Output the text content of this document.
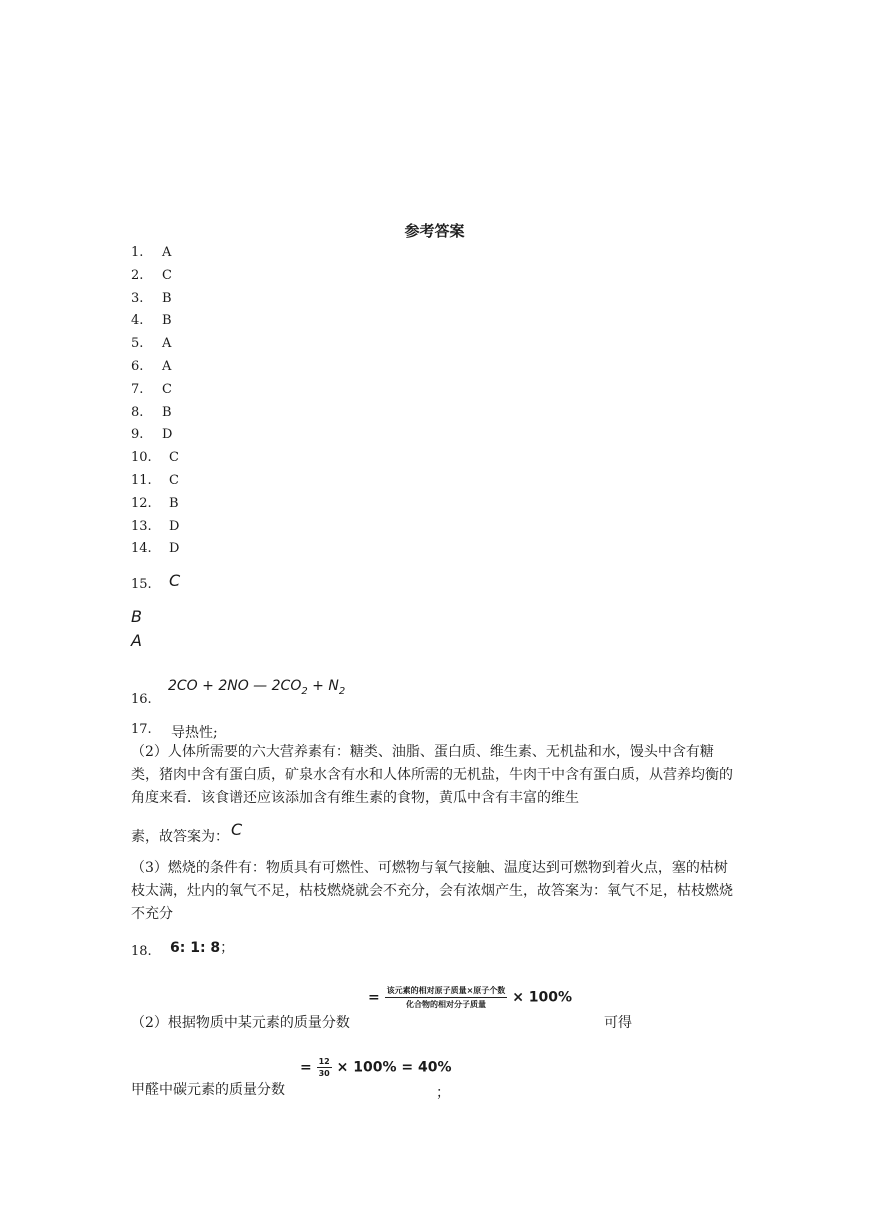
参考答案
1. A
2. C
3. B
4. B
5. A
6. A
7. C
8. B
9. D
10. C
11. C
12. B
13. D
14. D
15. C
B
A
16.
2CO + 2NO — $2CO_2 + N_2$
17. 导热性;
（2）人体所需要的六大营养素有：糖类、油脂、蛋白质、维生素、无机盐和水，馒头中含有糖类，猪肉中含有蛋白质，矿泉水含有水和人体所需的无机盐，牛肉干中含有蛋白质，从营养均衡的角度来看．该食谱还应该添加含有维生素的食物，黄瓜中含有丰富的维生
素，故答案为： C
（3）燃烧的条件有：物质具有可燃性、可燃物与氧气接触、温度达到可燃物到着火点，塞的枯树枝太满，灶内的氧气不足，枯枝燃烧就会不充分，会有浓烟产生，故答案为：氧气不足，枯枝燃烧不充分
18. 6: 1: 8；
（2）根据物质中某元素的质量分数
= $\frac{\text{该元素的相对原子质量×原子个数}}{\text{化合物的相对分子质量}} \times 100\%$
可得
甲醛中碳元素的质量分数
= $\frac{12}{30} \times 100\% = 40\%$
；
